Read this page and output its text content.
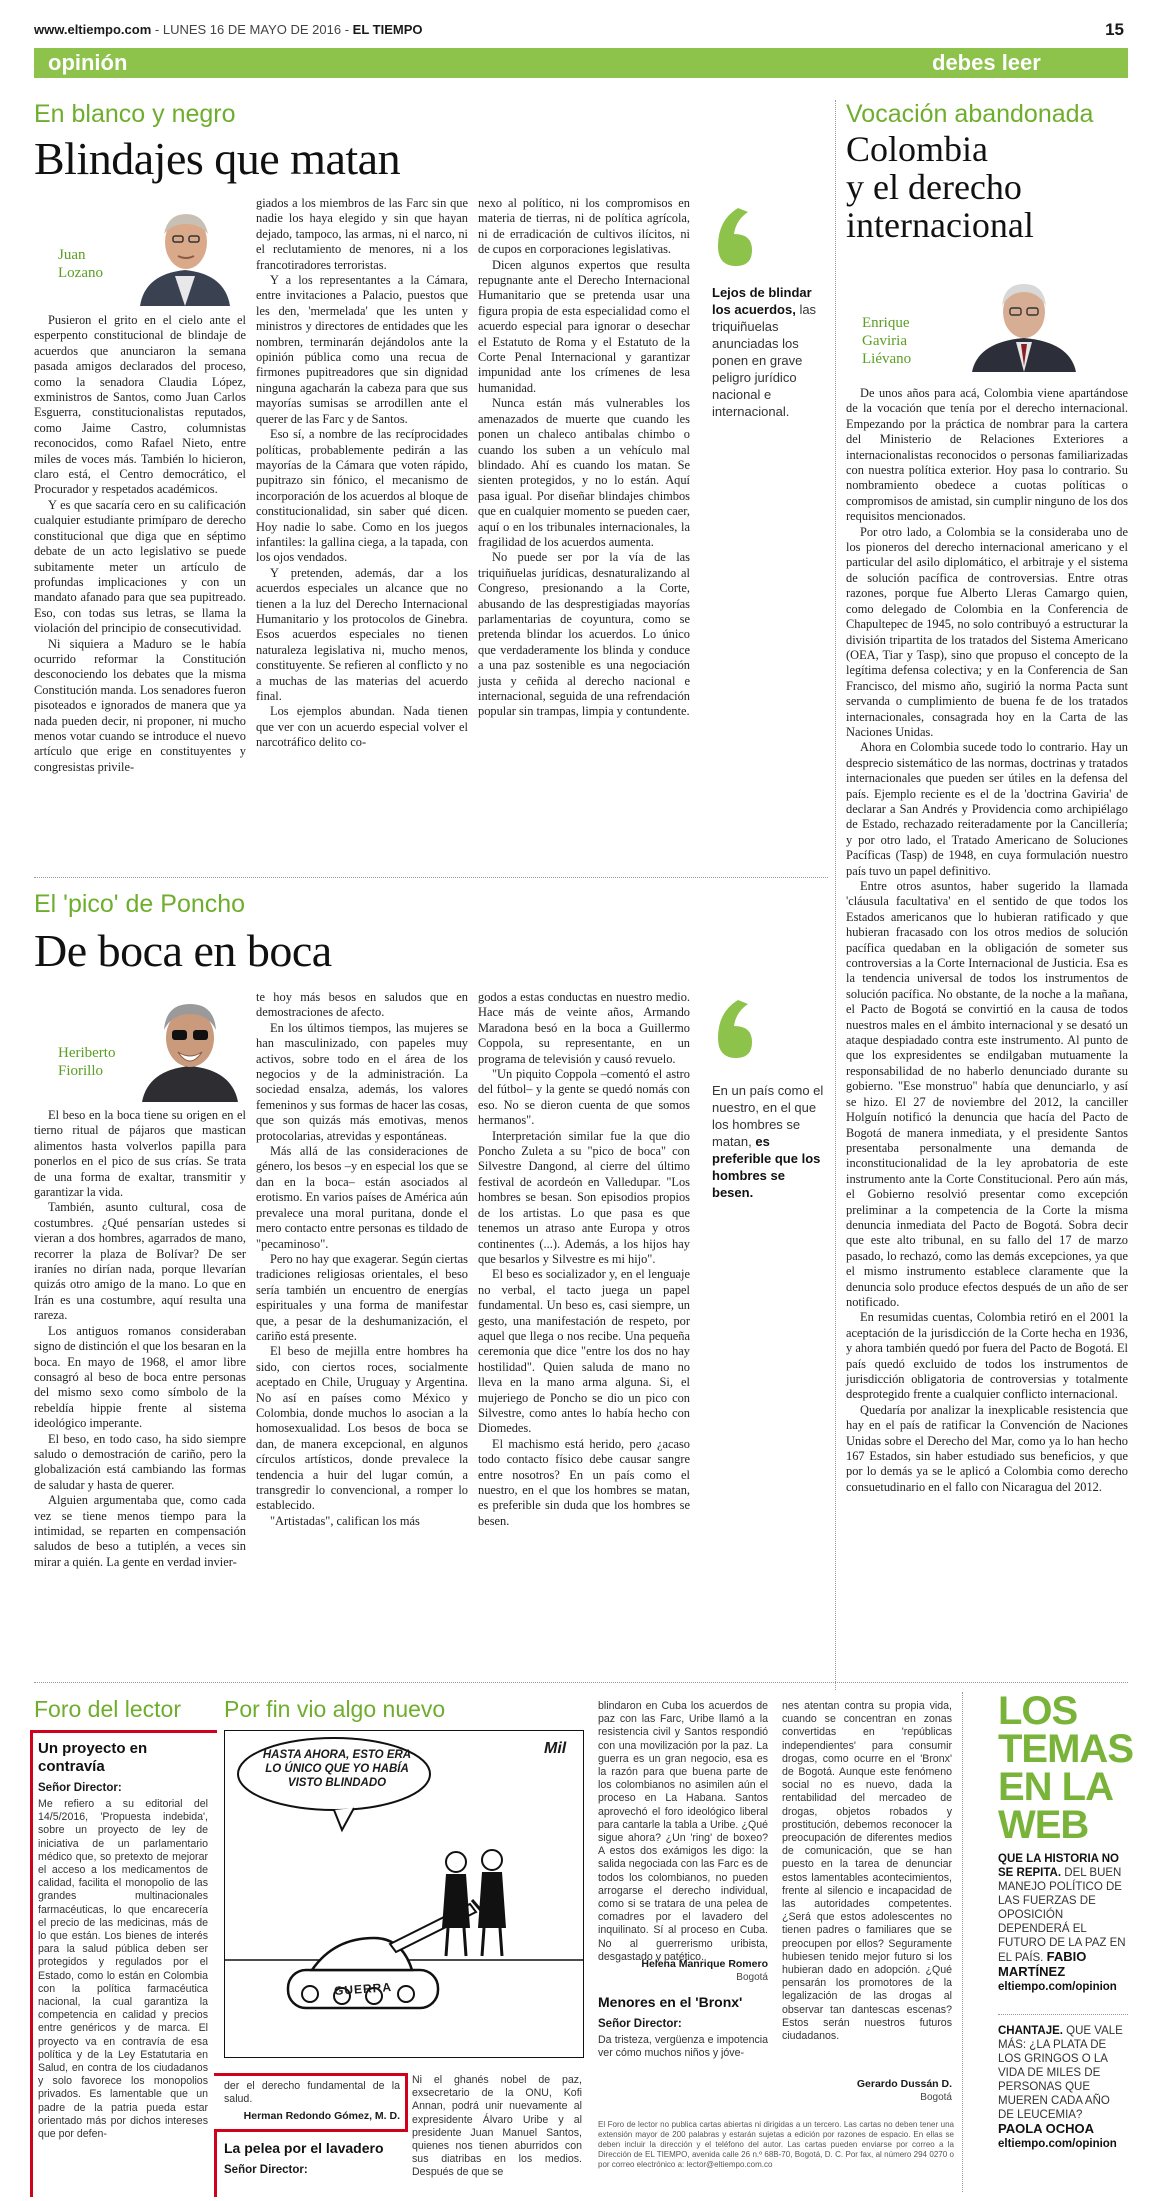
www.eltiempo.com - LUNES 16 DE MAYO DE 2016 - EL TIEMPO	15
opinión	debes leer
En blanco y negro
Blindajes que matan
Juan
Lozano

Pusieron el grito en el cielo ante el esperpento constitucional de blindaje de acuerdos que anunciaron la semana pasada amigos declarados del proceso, como la senadora Claudia López, exministros de Santos, como Juan Carlos Esguerra, constitucionalistas reputados, como Jaime Castro, columnistas reconocidos, como Rafael Nieto, entre miles de voces más. También lo hicieron, claro está, el Centro democrático, el Procurador y respetados académicos.

Y es que sacaría cero en su calificación cualquier estudiante primíparo de derecho constitucional que diga que en séptimo debate de un acto legislativo se puede subitamente meter un artículo de profundas implicaciones y con un mandato afanado para que sea pupitreado. Eso, con todas sus letras, se llama la violación del principio de consecutividad.

Ni siquiera a Maduro se le había ocurrido reformar la Constitución desconociendo los debates que la misma Constitución manda. Los senadores fueron pisoteados e ignorados de manera que ya nada pueden decir, ni proponer, ni mucho menos votar cuando se introduce el nuevo artículo que erige en constituyentes y congresistas privile-

giados a los miembros de las Farc sin que nadie los haya elegido y sin que hayan dejado, tampoco, las armas, ni el narco, ni el reclutamiento de menores, ni a los francotiradores terroristas.

Y a los representantes a la Cámara, entre invitaciones a Palacio, puestos que les den, 'mermelada' que les unten y ministros y directores de entidades que les nombren, terminarán dejándolos ante la opinión pública como una recua de firmones pupitreadores que sin dignidad ninguna agacharán la cabeza para que sus mayorías sumisas se arrodillen ante el querer de las Farc y de Santos.

Eso sí, a nombre de las recíprocidades políticas, probablemente pedirán a las mayorías de la Cámara que voten rápido, pupitrazo sin fónico, el mecanismo de incorporación de los acuerdos al bloque de constitucionalidad, sin saber qué dicen. Hoy nadie lo sabe. Como en los juegos infantiles: la gallina ciega, a la tapada, con los ojos vendados.

Y pretenden, además, dar a los acuerdos especiales un alcance que no tienen a la luz del Derecho Internacional Humanitario y los protocolos de Ginebra. Esos acuerdos especiales no tienen naturaleza legislativa ni, mucho menos, constituyente. Se refieren al conflicto y no a muchas de las materias del acuerdo final.

Los ejemplos abundan. Nada tienen que ver con un acuerdo especial volver el narcotráfico delito co-

nexo al político, ni los compromisos en materia de tierras, ni de política agrícola, ni de erradicación de cultivos ilícitos, ni de cupos en corporaciones legislativas.

Dicen algunos expertos que resulta repugnante ante el Derecho Internacional Humanitario que se pretenda usar una figura propia de esta especialidad como el acuerdo especial para ignorar o desechar el Estatuto de Roma y el Estatuto de la Corte Penal Internacional y garantizar impunidad ante los crímenes de lesa humanidad.

Nunca están más vulnerables los amenazados de muerte que cuando les ponen un chaleco antibalas chimbo o cuando los suben a un vehículo mal blindado. Ahí es cuando los matan. Se sienten protegidos, y no lo están. Aquí pasa igual. Por diseñar blindajes chimbos que en cualquier momento se pueden caer, aquí o en los tribunales internacionales, la fragilidad de los acuerdos aumenta.

No puede ser por la vía de las triquiñuelas jurídicas, desnaturalizando al Congreso, presionando a la Corte, abusando de las desprestigiadas mayorías parlamentarias de coyuntura, como se pretenda blindar los acuerdos. Lo único que verdaderamente los blinda y conduce a una paz sostenible es una negociación justa y ceñida al derecho nacional e internacional, seguida de una refrendación popular sin trampas, limpia y contundente.

Lejos de blindar los acuerdos, las triquiñuelas anunciadas los ponen en grave peligro jurídico nacional e internacional.
El 'pico' de Poncho
De boca en boca
Heriberto
Fiorillo

El beso en la boca tiene su origen en el tierno ritual de pájaros que mastican alimentos hasta volverlos papilla para ponerlos en el pico de sus crías. Se trata de una forma de exaltar, transmitir y garantizar la vida.

También, asunto cultural, cosa de costumbres. ¿Qué pensarían ustedes si vieran a dos hombres, agarrados de mano, recorrer la plaza de Bolívar? De ser iraníes no dirían nada, porque llevarían quizás otro amigo de la mano. Lo que en Irán es una costumbre, aquí resulta una rareza.

Los antiguos romanos consideraban signo de distinción el que los besaran en la boca. En mayo de 1968, el amor libre consagró al beso de boca entre personas del mismo sexo como símbolo de la rebeldía hippie frente al sistema ideológico imperante.

El beso, en todo caso, ha sido siempre saludo o demostración de cariño, pero la globalización está cambiando las formas de saludar y hasta de querer.

Alguien argumentaba que, como cada vez se tiene menos tiempo para la intimidad, se reparten en compensación saludos de beso a tutiplén, a veces sin mirar a quién. La gente en verdad invier-

te hoy más besos en saludos que en demostraciones de afecto.

En los últimos tiempos, las mujeres se han masculinizado, con papeles muy activos, sobre todo en el área de los negocios y de la administración. La sociedad ensalza, además, los valores femeninos y sus formas de hacer las cosas, que son quizás más emotivas, menos protocolarias, atrevidas y espontáneas.

Más allá de las consideraciones de género, los besos –y en especial los que se dan en la boca– están asociados al erotismo. En varios países de América aún prevalece una moral puritana, donde el mero contacto entre personas es tildado de "pecaminoso".

Pero no hay que exagerar. Según ciertas tradiciones religiosas orientales, el beso sería también un encuentro de energías espirituales y una forma de manifestar que, a pesar de la deshumanización, el cariño está presente.

El beso de mejilla entre hombres ha sido, con ciertos roces, socialmente aceptado en Chile, Uruguay y Argentina. No así en países como México y Colombia, donde muchos lo asocian a la homosexualidad. Los besos de boca se dan, de manera excepcional, en algunos círculos artísticos, donde prevalece la tendencia a huir del lugar común, a transgredir lo convencional, a romper lo establecido.

"Artistadas", califican los más

godos a estas conductas en nuestro medio. Hace más de veinte años, Armando Maradona besó en la boca a Guillermo Coppola, su representante, en un programa de televisión y causó revuelo.

"Un piquito Coppola –comentó el astro del fútbol– y la gente se quedó nomás con eso. No se dieron cuenta de que somos hermanos".

Interpretación similar fue la que dio Poncho Zuleta a su "pico de boca" con Silvestre Dangond, al cierre del último festival de acordeón en Valledupar. "Los hombres se besan. Son episodios propios de los artistas. Lo que pasa es que tenemos un atraso ante Europa y otros continentes (...). Además, a los hijos hay que besarlos y Silvestre es mi hijo".

El beso es socializador y, en el lenguaje no verbal, el tacto juega un papel fundamental. Un beso es, casi siempre, un gesto, una manifestación de respeto, por aquel que llega o nos recibe. Una pequeña ceremonia que dice "entre los dos no hay hostilidad". Quien saluda de mano no lleva en la mano arma alguna. Si, el mujeriego de Poncho se dio un pico con Silvestre, como antes lo había hecho con Diomedes.

El machismo está herido, pero ¿acaso todo contacto físico debe causar sangre entre nosotros? En un país como el nuestro, en el que los hombres se matan, es preferible sin duda que los hombres se besen.

En un país como el nuestro, en el que los hombres se matan, es preferible que los hombres se besen.
Vocación abandonada
Colombia
y el derecho
internacional
Enrique
Gaviria
Liévano

De unos años para acá, Colombia viene apartándose de la vocación que tenía por el derecho internacional. Empezando por la práctica de nombrar para la cartera del Ministerio de Relaciones Exteriores a internacionalistas reconocidos o personas familiarizadas con nuestra política exterior. Hoy pasa lo contrario. Su nombramiento obedece a cuotas políticas o compromisos de amistad, sin cumplir ninguno de los dos requisitos mencionados.

Por otro lado, a Colombia se la consideraba uno de los pioneros del derecho internacional americano y el particular del asilo diplomático, el arbitraje y el sistema de solución pacífica de controversias. Entre otras razones, porque fue Alberto Lleras Camargo quien, como delegado de Colombia en la Conferencia de Chapultepec de 1945, no solo contribuyó a estructurar la división tripartita de los tratados del Sistema Americano (OEA, Tiar y Tasp), sino que propuso el concepto de la legítima defensa colectiva; y en la Conferencia de San Francisco, del mismo año, sugirió la norma Pacta sunt servanda o cumplimiento de buena fe de los tratados internacionales, consagrada hoy en la Carta de las Naciones Unidas.

Ahora en Colombia sucede todo lo contrario. Hay un desprecio sistemático de las normas, doctrinas y tratados internacionales que pueden ser útiles en la defensa del país. Ejemplo reciente es el de la 'doctrina Gaviria' de declarar a San Andrés y Providencia como archipiélago de Estado, rechazado reiteradamente por la Cancillería; y por otro lado, el Tratado Americano de Soluciones Pacíficas (Tasp) de 1948, en cuya formulación nuestro país tuvo un papel definitivo.

Entre otros asuntos, haber sugerido la llamada 'cláusula facultativa' en el sentido de que todos los Estados americanos que lo hubieran ratificado y que hubieran fracasado con los otros medios de solución pacífica quedaban en la obligación de someter sus controversias a la Corte Internacional de Justicia. Esa es la tendencia universal de todos los instrumentos de solución pacífica. No obstante, de la noche a la mañana, el Pacto de Bogotá se convirtió en la causa de todos nuestros males en el ámbito internacional y se desató un ataque despiadado contra este instrumento. Al punto de que los expresidentes se endilgaban mutuamente la responsabilidad de no haberlo denunciado durante su gobierno. "Ese monstruo" había que denunciarlo, y así se hizo. El 27 de noviembre del 2012, la canciller Holguín notificó la denuncia que hacía del Pacto de Bogotá de manera inmediata, y el presidente Santos presentaba personalmente una demanda de inconstitucionalidad de la ley aprobatoria de este instrumento ante la Corte Constitucional. Pero aún más, el Gobierno resolvió presentar como excepción preliminar a la competencia de la Corte la misma denuncia inmediata del Pacto de Bogotá. Sobra decir que este alto tribunal, en su fallo del 17 de marzo pasado, lo rechazó, como las demás excepciones, ya que el mismo instrumento establece claramente que la denuncia solo produce efectos después de un año de ser notificado.

En resumidas cuentas, Colombia retiró en el 2001 la aceptación de la jurisdicción de la Corte hecha en 1936, y ahora también quedó por fuera del Pacto de Bogotá. El país quedó excluido de todos los instrumentos de jurisdicción obligatoria de controversias y totalmente desprotegido frente a cualquier conflicto internacional.

Quedaría por analizar la inexplicable resistencia que hay en el país de ratificar la Convención de Naciones Unidas sobre el Derecho del Mar, como ya lo han hecho 167 Estados, sin haber estudiado sus beneficios, y que por lo demás ya se le aplicó a Colombia como derecho consuetudinario en el fallo con Nicaragua del 2012.

Foro del lector Por fin vio algo nuevo
Un proyecto en contravía
Señor Director:
Me refiero a su editorial del 14/5/2016, 'Propuesta indebida', sobre un proyecto de ley de iniciativa de un parlamentario médico que, so pretexto de mejorar el acceso a los medicamentos de calidad, facilita el monopolio de las grandes multinacionales farmacéuticas, lo que encarecería el precio de las medicinas, más de lo que están. Los bienes de interés para la salud pública deben ser protegidos y regulados por el Estado, como lo están en Colombia con la política farmacéutica nacional, la cual garantiza la competencia en calidad y precios entre genéricos y de marca. El proyecto va en contravía de esa política y de la Ley Estatutaria en Salud, en contra de los ciudadanos y solo favorece los monopolios privados. Es lamentable que un padre de la patria pueda estar orientado más por dichos intereses que por defen-
HASTA AHORA, ESTO ERA LO ÚNICO QUE YO HABÍA VISTO BLINDADO
GUERRA
Mil
der el derecho fundamental de la salud.
Herman Redondo Gómez, M. D.
La pelea por el lavadero
Señor Director:
Ni el ghanés nobel de paz, exsecretario de la ONU, Kofi Annan, podrá unir nuevamente al expresidente Álvaro Uribe y al presidente Juan Manuel Santos, quienes nos tienen aburridos con sus diatribas en los medios. Después de que se
blindaron en Cuba los acuerdos de paz con las Farc, Uribe llamó a la resistencia civil y Santos respondió con una movilización por la paz. La guerra es un gran negocio, esa es la razón para que buena parte de los colombianos no asimilen aún el proceso en La Habana. Santos aprovechó el foro ideológico liberal para cantarle la tabla a Uribe. ¿Qué sigue ahora? ¿Un 'ring' de boxeo? A estos dos exámigos les digo: la salida negociada con las Farc es de todos los colombianos, no pueden arrogarse el derecho individual, como si se tratara de una pelea de comadres por el lavadero del inquilinato. Sí al proceso en Cuba. No al guerrerismo uribista, desgastado y patético.
Helena Manrique Romero
Bogotá
Menores en el 'Bronx'
Señor Director:
Da tristeza, vergüenza e impotencia ver cómo muchos niños y jóve-
nes atentan contra su propia vida, cuando se concentran en zonas convertidas en 'repúblicas independientes' para consumir drogas, como ocurre en el 'Bronx' de Bogotá. Aunque este fenómeno social no es nuevo, dada la rentabilidad del mercadeo de drogas, objetos robados y prostitución, debemos reconocer la preocupación de diferentes medios de comunicación, que se han puesto en la tarea de denunciar estos lamentables acontecimientos, frente al silencio e incapacidad de las autoridades competentes. ¿Será que estos adolescentes no tienen padres o familiares que se preocupen por ellos? Seguramente hubiesen tenido mejor futuro si los hubieran dado en adopción. ¿Qué pensarán los promotores de la legalización de las drogas al observar tan dantescas escenas? Estos serán nuestros futuros ciudadanos.
Gerardo Dussán D.
Bogotá
El Foro de lector no publica cartas abiertas ni dirigidas a un tercero. Las cartas no deben tener una extensión mayor de 200 palabras y estarán sujetas a edición por razones de espacio. En ellas se deben incluir la dirección y el teléfono del autor. Las cartas pueden enviarse por correo a la Dirección de EL TIEMPO, avenida calle 26 n.º 68B-70, Bogotá, D. C. Por fax, al número 294 0270 o por correo electrónico a: lector@eltiempo.com.co
LOS
TEMAS
EN LA
WEB
QUE LA HISTORIA NO SE REPITA. DEL BUEN MANEJO POLÍTICO DE LAS FUERZAS DE OPOSICIÓN DEPENDERÁ EL FUTURO DE LA PAZ EN EL PAÍS. FABIO MARTÍNEZ
eltiempo.com/opinion
CHANTAJE. QUE VALE MÁS: ¿LA PLATA DE LOS GRINGOS O LA VIDA DE MILES DE PERSONAS QUE MUEREN CADA AÑO DE LEUCEMIA? PAOLA OCHOA
eltiempo.com/opinion
